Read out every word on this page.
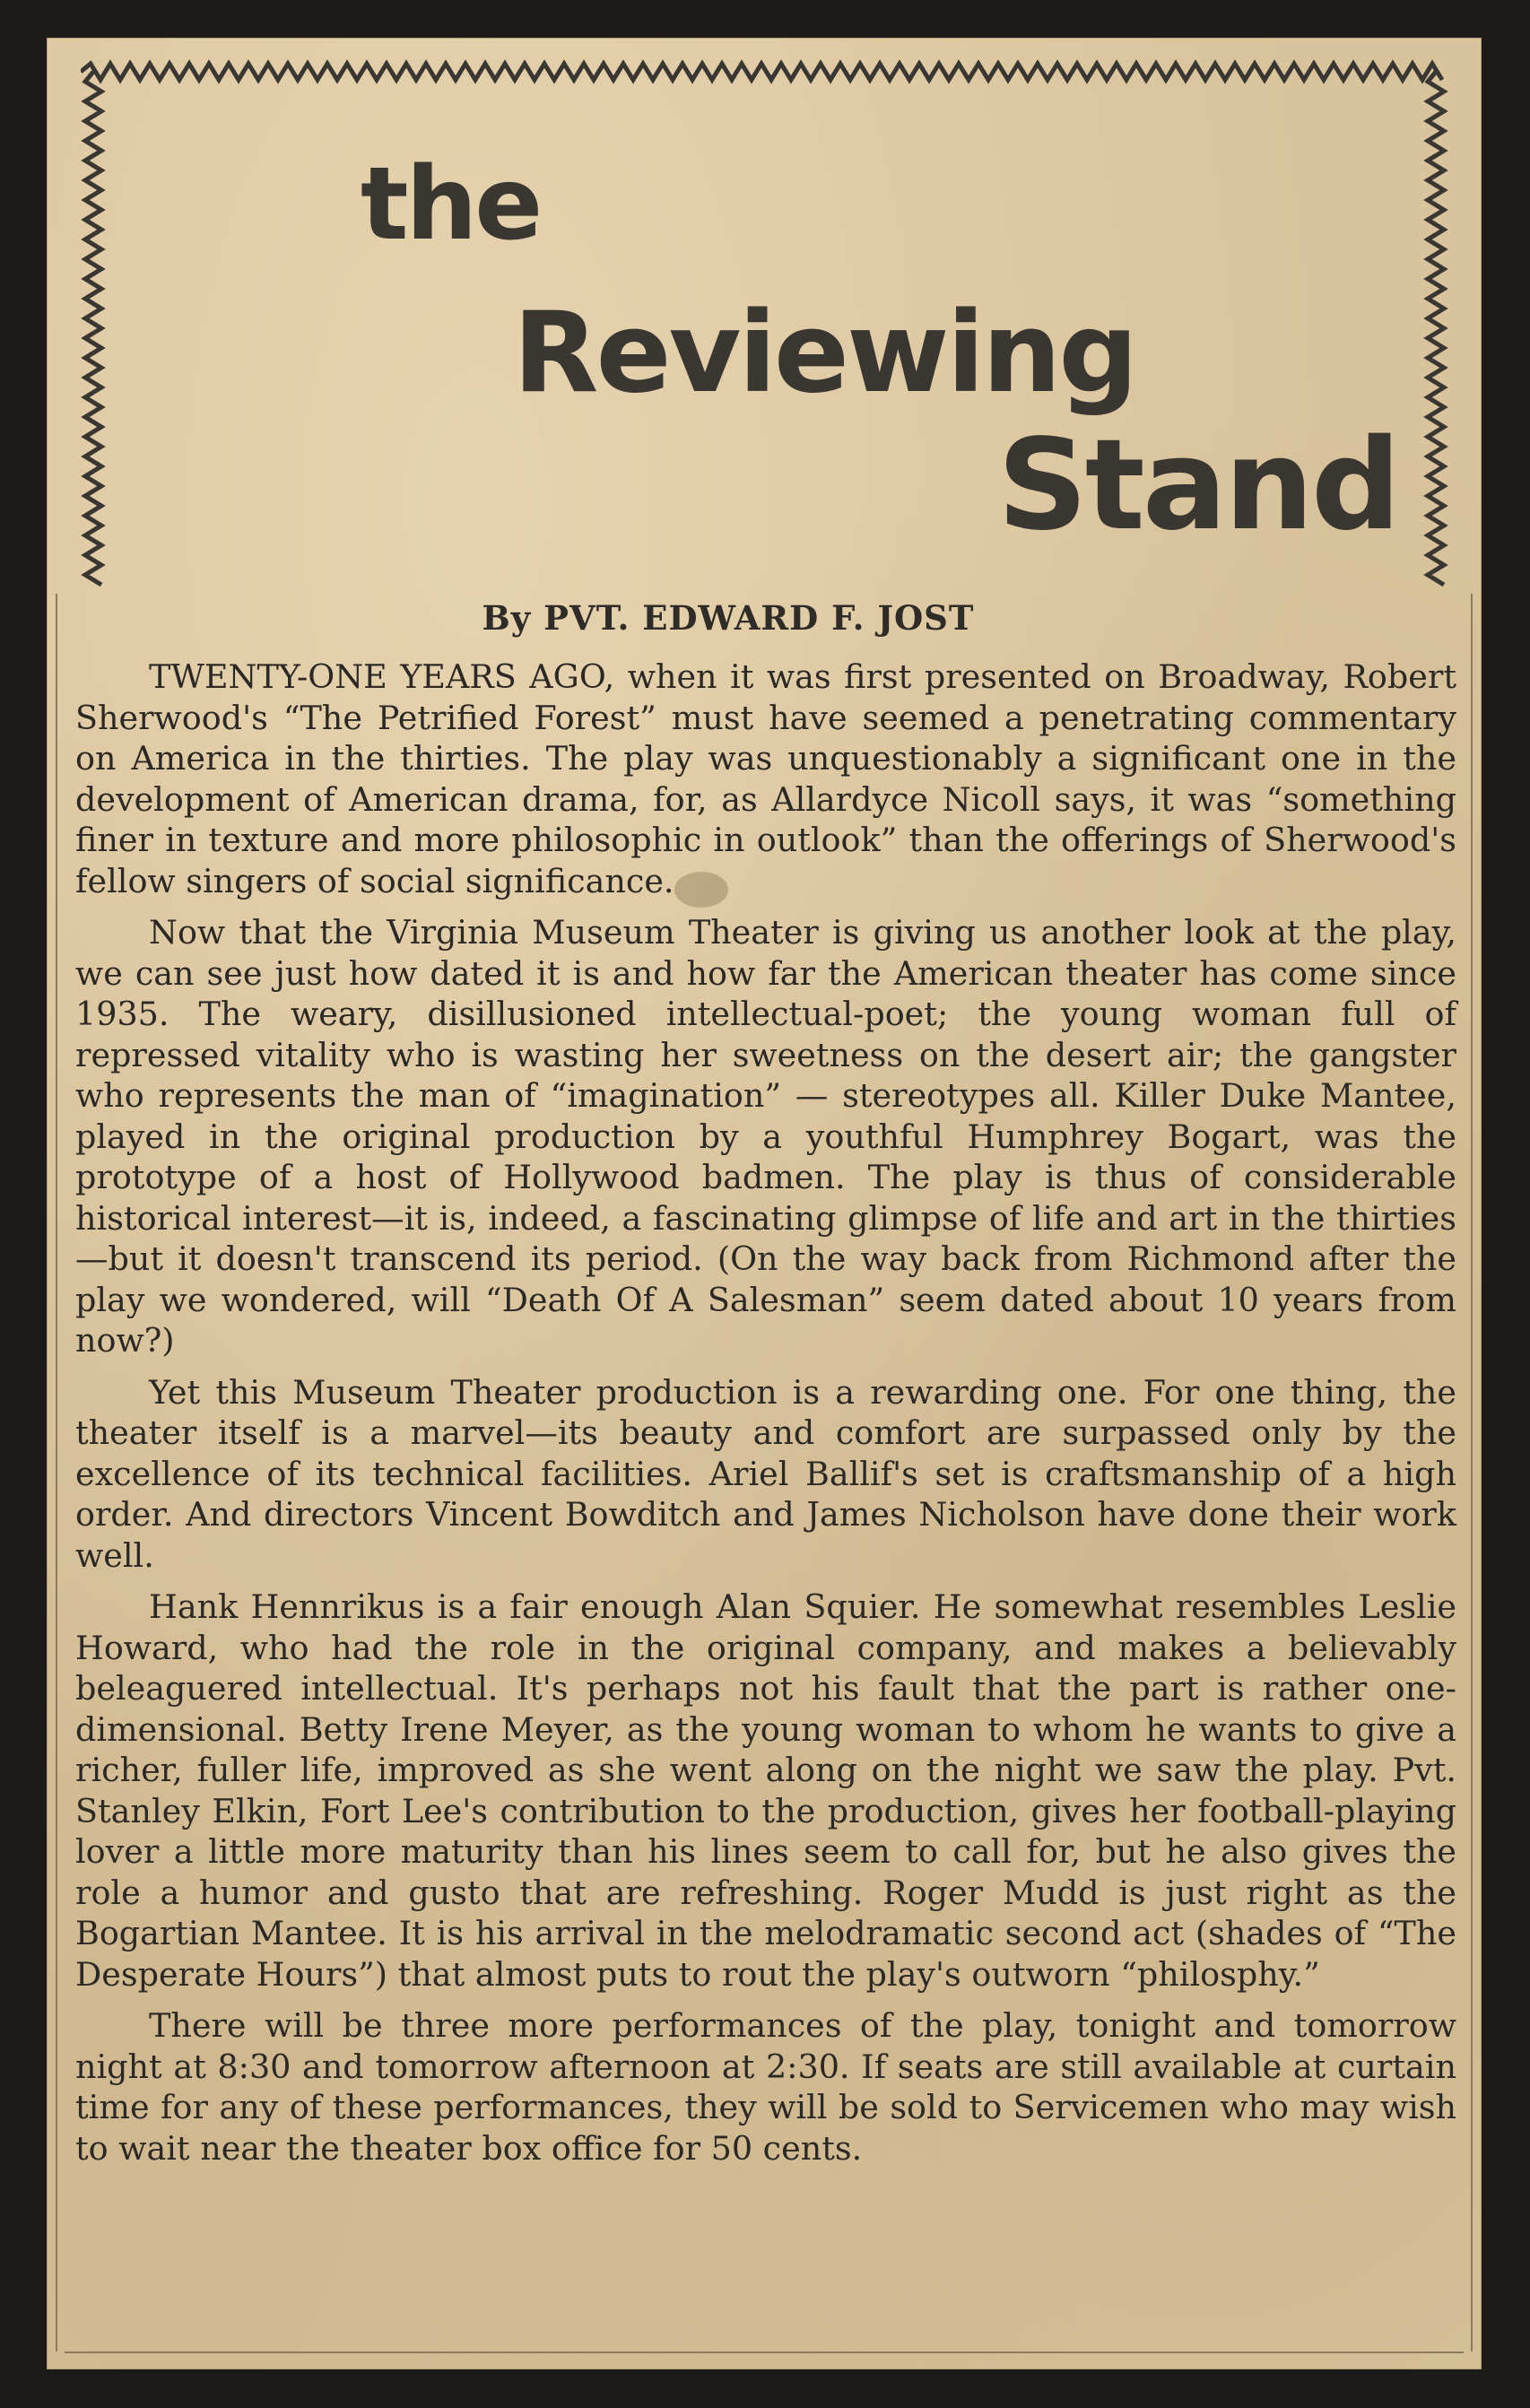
the
Reviewing
Stand
By PVT. EDWARD F. JOST

TWENTY-ONE YEARS AGO, when it was first presented on Broadway, Robert Sherwood's “The Petrified Forest” must have seemed a penetrating commentary on America in the thirties. The play was unquestionably a significant one in the development of American drama, for, as Allardyce Nicoll says, it was “something finer in texture and more philosophic in outlook” than the offerings of Sherwood's fellow singers of social significance.

Now that the Virginia Museum Theater is giving us another look at the play, we can see just how dated it is and how far the American theater has come since 1935. The weary, disillusioned intellectual-poet; the young woman full of repressed vitality who is wasting her sweetness on the desert air; the gangster who represents the man of “imagination” — stereotypes all. Killer Duke Mantee, played in the original production by a youthful Humphrey Bogart, was the prototype of a host of Hollywood badmen. The play is thus of considerable historical interest—it is, indeed, a fascinating glimpse of life and art in the thirties—but it doesn't transcend its period. (On the way back from Richmond after the play we wondered, will “Death Of A Salesman” seem dated about 10 years from now?)

Yet this Museum Theater production is a rewarding one. For one thing, the theater itself is a marvel—its beauty and comfort are surpassed only by the excellence of its technical facilities. Ariel Ballif's set is craftsmanship of a high order. And directors Vincent Bowditch and James Nicholson have done their work well.

Hank Hennrikus is a fair enough Alan Squier. He somewhat resembles Leslie Howard, who had the role in the original company, and makes a believably beleaguered intellectual. It's perhaps not his fault that the part is rather one-dimensional. Betty Irene Meyer, as the young woman to whom he wants to give a richer, fuller life, improved as she went along on the night we saw the play. Pvt. Stanley Elkin, Fort Lee's contribution to the production, gives her football-playing lover a little more maturity than his lines seem to call for, but he also gives the role a humor and gusto that are refreshing. Roger Mudd is just right as the Bogartian Mantee. It is his arrival in the melodramatic second act (shades of “The Desperate Hours”) that almost puts to rout the play's outworn “philosphy.”

There will be three more performances of the play, tonight and tomorrow night at 8:30 and tomorrow afternoon at 2:30. If seats are still available at curtain time for any of these performances, they will be sold to Servicemen who may wish to wait near the theater box office for 50 cents.
